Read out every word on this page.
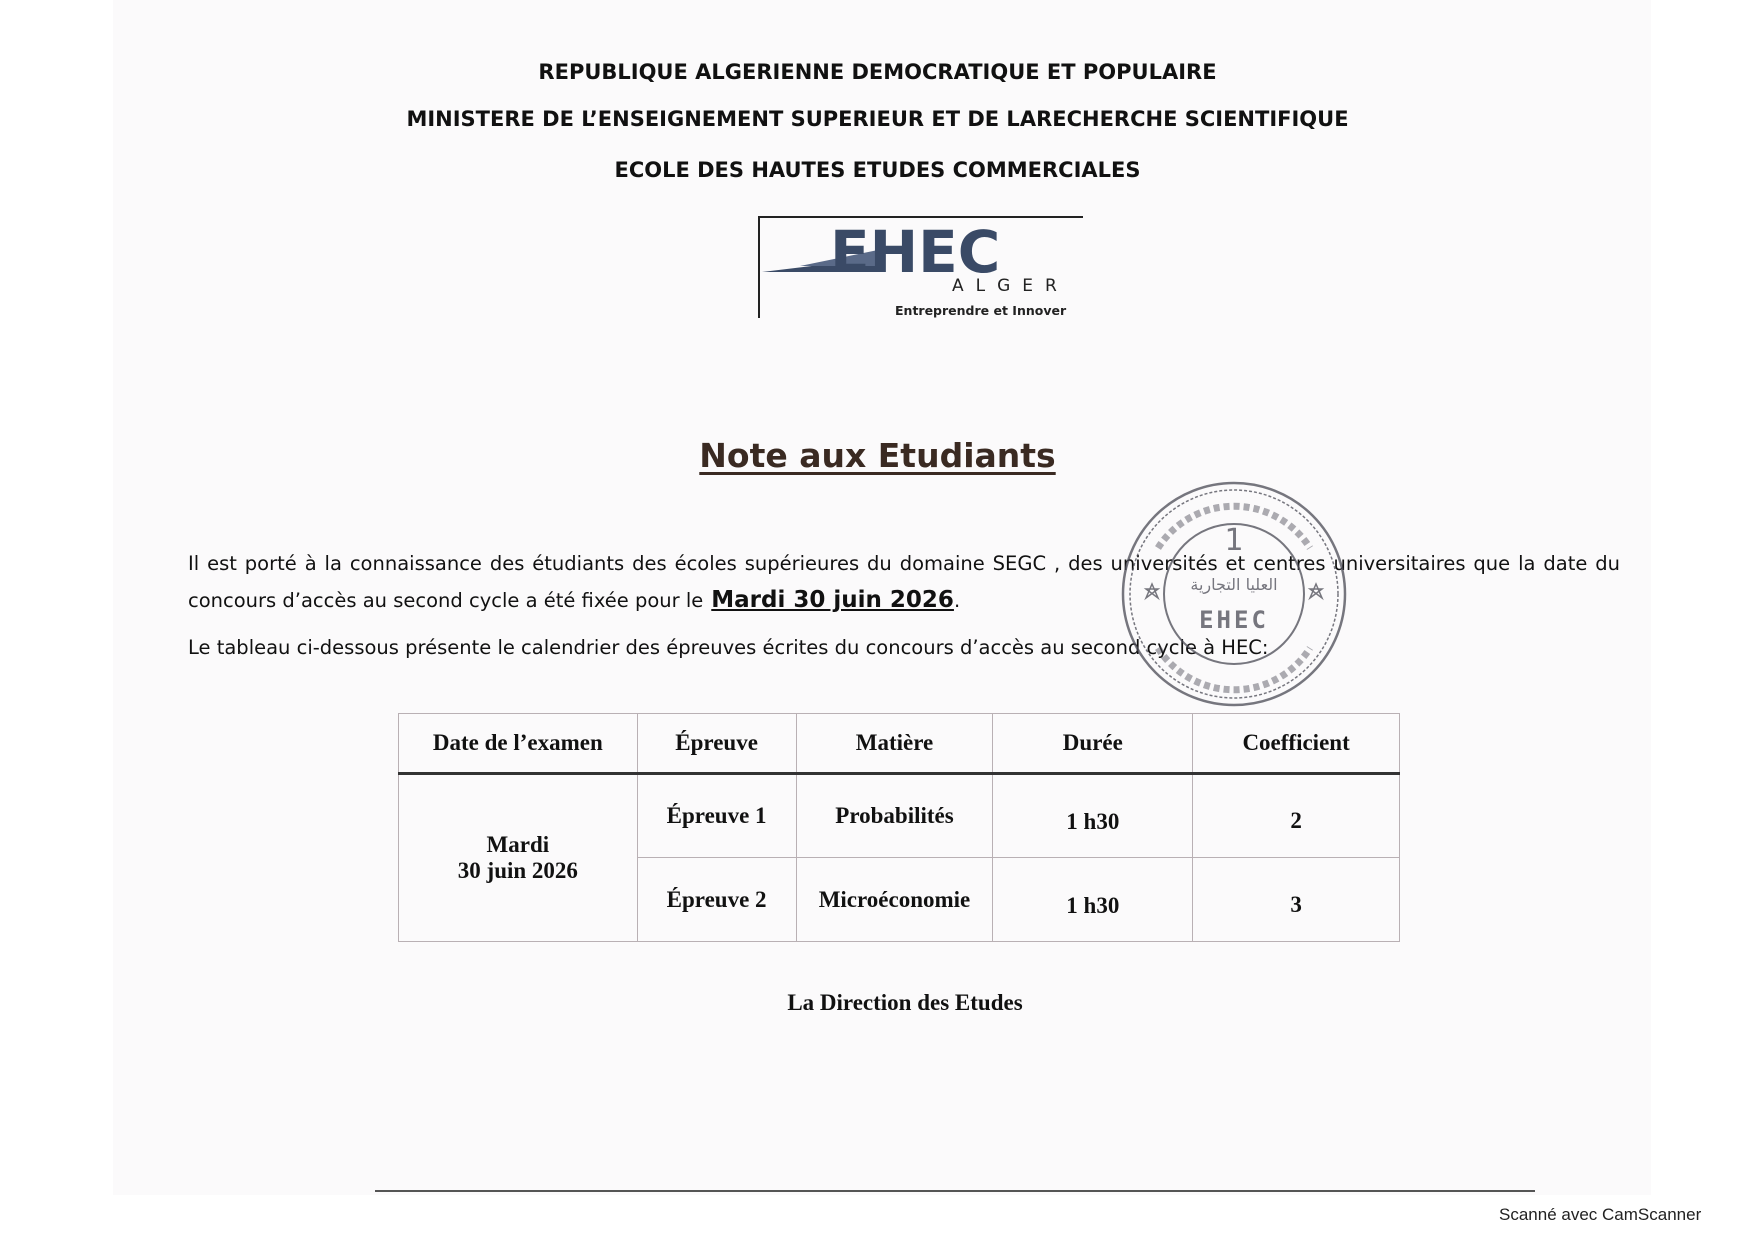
REPUBLIQUE ALGERIENNE DEMOCRATIQUE ET POPULAIRE
MINISTERE DE L’ENSEIGNEMENT SUPERIEUR ET DE LARECHERCHE SCIENTIFIQUE
ECOLE DES HAUTES ETUDES COMMERCIALES
EHEC
ALGER
Entreprendre et Innover
Note aux Etudiants

Il est porté à la connaissance des étudiants des écoles supérieures du domaine SEGC , des universités et centres universitaires que la date du concours d’accès au second cycle a été fixée pour le Mardi 30 juin 2026.

Le tableau ci-dessous présente le calendrier des épreuves écrites du concours d’accès au second cycle à HEC:

1
العليا التجارية
EHEC
Date de l’examen	Épreuve	Matière	Durée	Coefficient

Mardi
30 juin 2026	Épreuve 1	Probabilités	1 h30	2
	Épreuve 2	Microéconomie	1 h30	3
La Direction des Etudes
Scanné avec CamScanner
